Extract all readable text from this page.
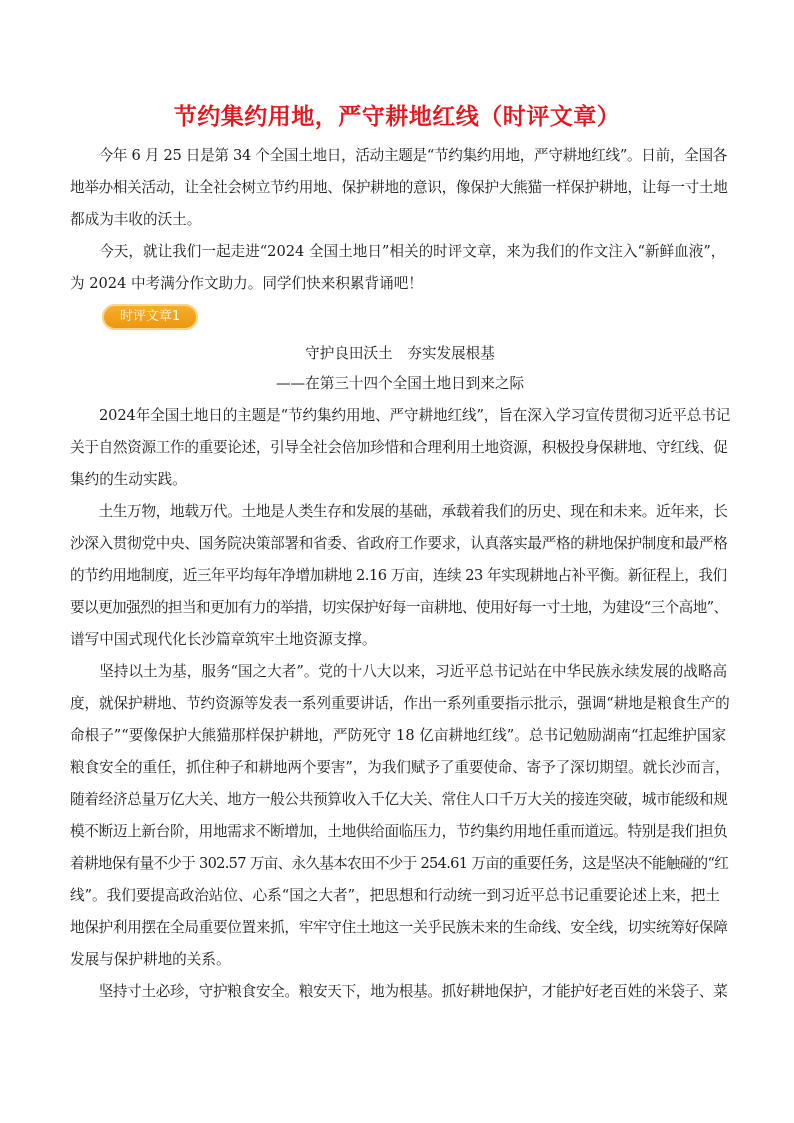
节约集约用地，严守耕地红线（时评文章）
　　今年 6 月 25 日是第 34 个全国土地日，活动主题是“节约集约用地，严守耕地红线”。日前，全国各
地举办相关活动，让全社会树立节约用地、保护耕地的意识，像保护大熊猫一样保护耕地，让每一寸土地
都成为丰收的沃土。
　　今天，就让我们一起走进“2024 全国土地日”相关的时评文章，来为我们的作文注入“新鲜血液”，
为 2024 中考满分作文助力。同学们快来积累背诵吧！
时评文章1
守护良田沃土　夯实发展根基
——在第三十四个全国土地日到来之际
　　2024年全国土地日的主题是“节约集约用地、严守耕地红线”，旨在深入学习宣传贯彻习近平总书记
关于自然资源工作的重要论述，引导全社会倍加珍惜和合理利用土地资源，积极投身保耕地、守红线、促
集约的生动实践。
　　土生万物，地载万代。土地是人类生存和发展的基础，承载着我们的历史、现在和未来。近年来，长
沙深入贯彻党中央、国务院决策部署和省委、省政府工作要求，认真落实最严格的耕地保护制度和最严格
的节约用地制度，近三年平均每年净增加耕地 2.16 万亩，连续 23 年实现耕地占补平衡。新征程上，我们
要以更加强烈的担当和更加有力的举措，切实保护好每一亩耕地、使用好每一寸土地，为建设“三个高地”、
谱写中国式现代化长沙篇章筑牢土地资源支撑。
　　坚持以土为基，服务“国之大者”。党的十八大以来，习近平总书记站在中华民族永续发展的战略高
度，就保护耕地、节约资源等发表一系列重要讲话，作出一系列重要指示批示，强调“耕地是粮食生产的
命根子”“要像保护大熊猫那样保护耕地，严防死守 18 亿亩耕地红线”。总书记勉励湖南“扛起维护国家
粮食安全的重任，抓住种子和耕地两个要害”，为我们赋予了重要使命、寄予了深切期望。就长沙而言，
随着经济总量万亿大关、地方一般公共预算收入千亿大关、常住人口千万大关的接连突破，城市能级和规
模不断迈上新台阶，用地需求不断增加，土地供给面临压力，节约集约用地任重而道远。特别是我们担负
着耕地保有量不少于 302.57 万亩、永久基本农田不少于 254.61 万亩的重要任务，这是坚决不能触碰的“红
线”。我们要提高政治站位、心系“国之大者”，把思想和行动统一到习近平总书记重要论述上来，把土
地保护利用摆在全局重要位置来抓，牢牢守住土地这一关乎民族未来的生命线、安全线，切实统筹好保障
发展与保护耕地的关系。
　　坚持寸土必珍，守护粮食安全。粮安天下，地为根基。抓好耕地保护，才能护好老百姓的米袋子、菜
